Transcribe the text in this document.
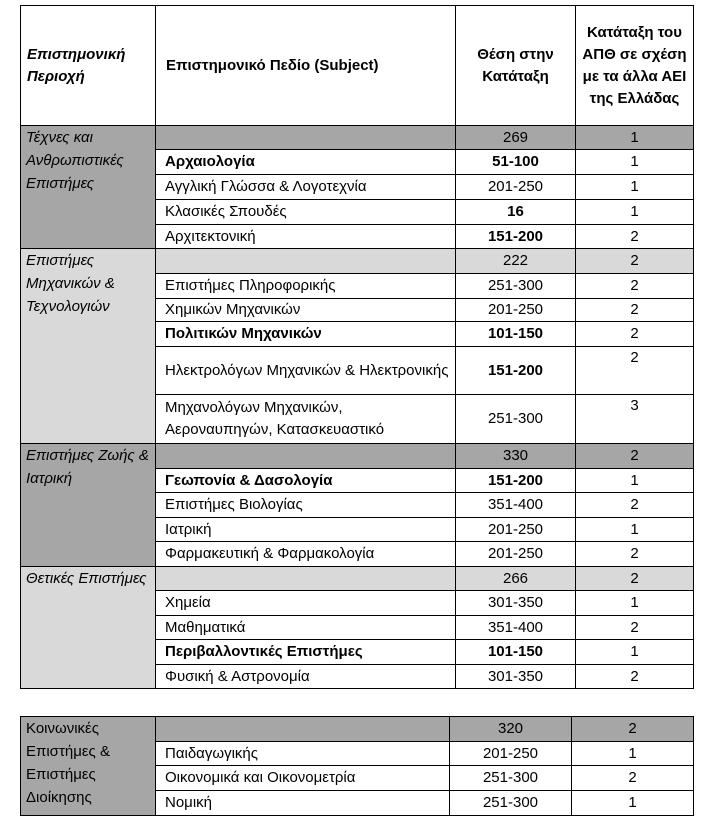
Επιστημονική Περιοχή	Επιστημονικό Πεδίο (Subject)	Θέση στην Κατάταξη	Κατάταξη του ΑΠΘ σε σχέση με τα άλλα ΑΕΙ της Ελλάδας
Τέχνες και Ανθρωπιστικές Επιστήμες		269	1
	Αρχαιολογία	51-100	1
	Αγγλική Γλώσσα & Λογοτεχνία	201-250	1
	Κλασικές Σπουδές	16	1
	Αρχιτεκτονική	151-200	2
Επιστήμες Μηχανικών & Τεχνολογιών		222	2
	Επιστήμες Πληροφορικής	251-300	2
	Χημικών Μηχανικών	201-250	2
	Πολιτικών Μηχανικών	101-150	2
	Ηλεκτρολόγων Μηχανικών & Ηλεκτρονικής	151-200	2
	Μηχανολόγων Μηχανικών, Αεροναυπηγών, Κατασκευαστικό	251-300	3
Επιστήμες Ζωής & Ιατρική		330	2
	Γεωπονία & Δασολογία	151-200	1
	Επιστήμες Βιολογίας	351-400	2
	Ιατρική	201-250	1
	Φαρμακευτική & Φαρμακολογία	201-250	2
Θετικές Επιστήμες		266	2
	Χημεία	301-350	1
	Μαθηματικά	351-400	2
	Περιβαλλοντικές Επιστήμες	101-150	1
	Φυσική & Αστρονομία	301-350	2
Κοινωνικές Επιστήμες & Επιστήμες Διοίκησης		320	2
	Παιδαγωγικής	201-250	1
	Οικονομικά και Οικονομετρία	251-300	2
	Νομική	251-300	1
